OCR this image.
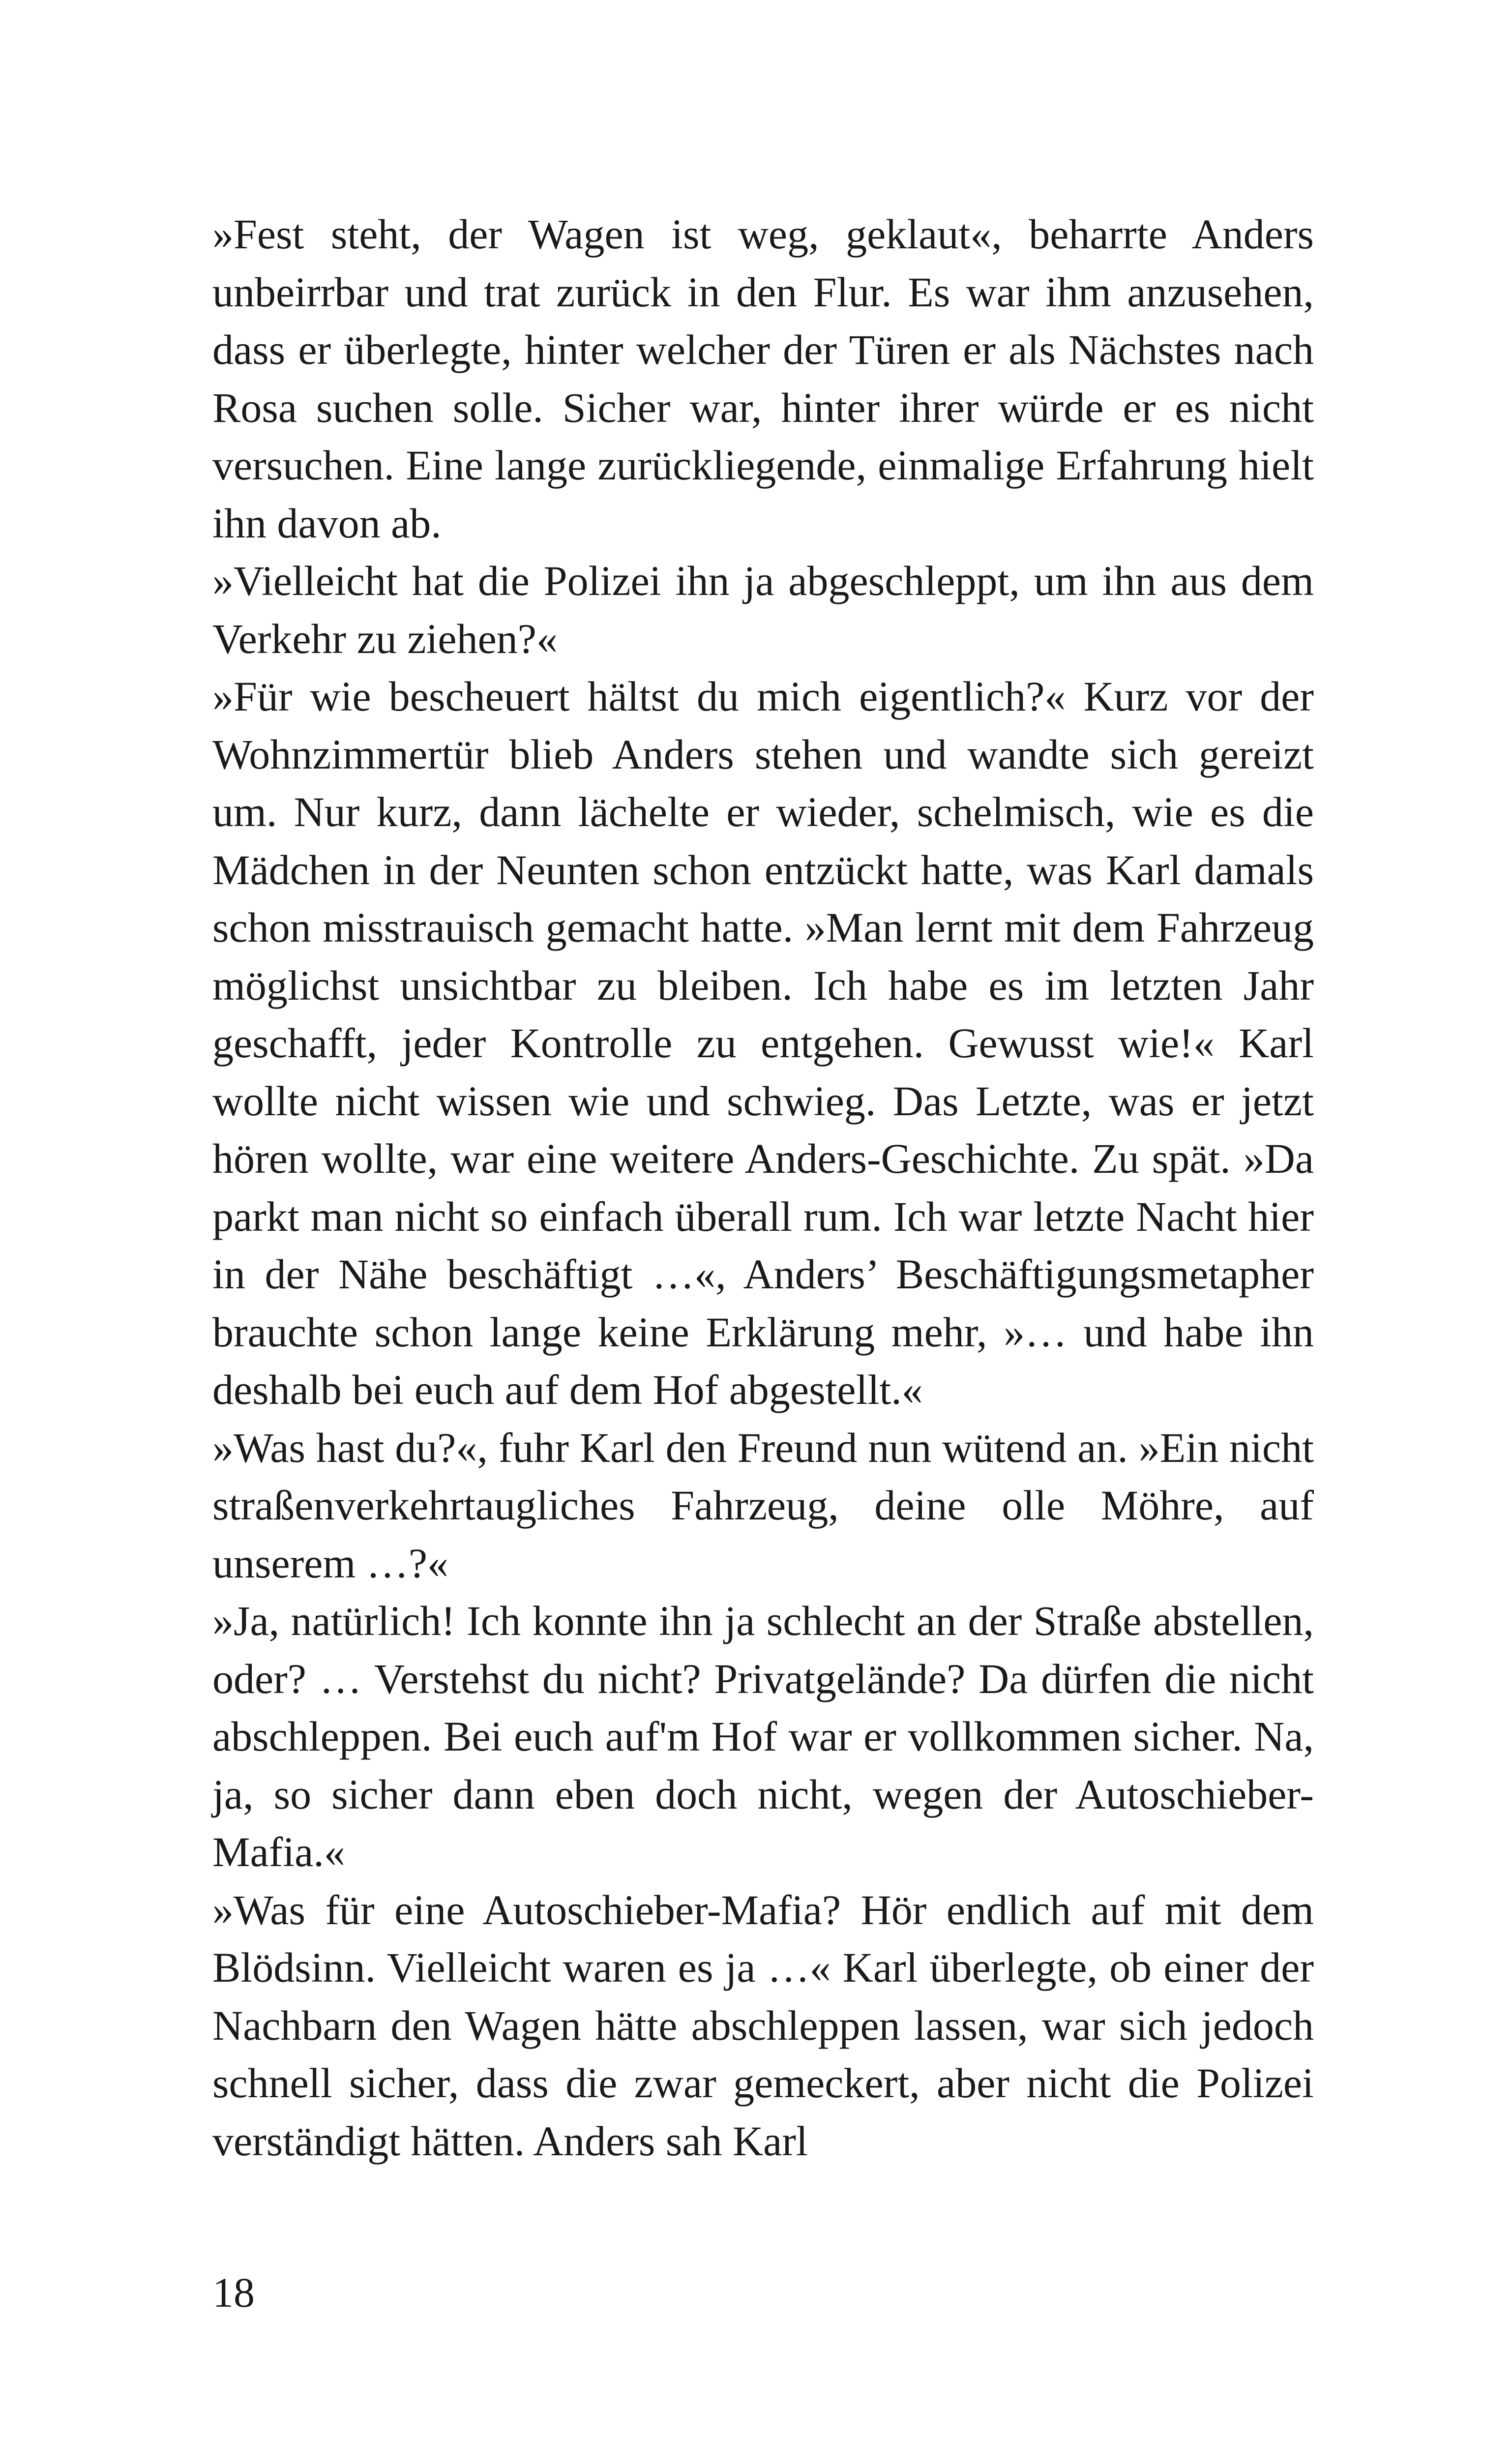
»Fest steht, der Wagen ist weg, geklaut«, beharrte Anders unbeirrbar und trat zurück in den Flur. Es war ihm anzusehen, dass er überlegte, hinter welcher der Türen er als Nächstes nach Rosa suchen solle. Sicher war, hinter ihrer würde er es nicht versuchen. Eine lange zurückliegende, einmalige Erfahrung hielt ihn davon ab.

»Vielleicht hat die Polizei ihn ja abgeschleppt, um ihn aus dem Verkehr zu ziehen?«

»Für wie bescheuert hältst du mich eigentlich?« Kurz vor der Wohnzimmertür blieb Anders stehen und wandte sich gereizt um. Nur kurz, dann lächelte er wieder, schelmisch, wie es die Mädchen in der Neunten schon entzückt hatte, was Karl damals schon misstrauisch gemacht hatte. »Man lernt mit dem Fahrzeug möglichst unsichtbar zu bleiben. Ich habe es im letzten Jahr geschafft, jeder Kontrolle zu entgehen. Gewusst wie!« Karl wollte nicht wissen wie und schwieg. Das Letzte, was er jetzt hören wollte, war eine weitere Anders-Geschichte. Zu spät. »Da parkt man nicht so einfach überall rum. Ich war letzte Nacht hier in der Nähe beschäftigt …«, Anders’ Beschäftigungsmetapher brauchte schon lange keine Erklärung mehr, »… und habe ihn deshalb bei euch auf dem Hof abgestellt.«

»Was hast du?«, fuhr Karl den Freund nun wütend an. »Ein nicht straßenverkehrtaugliches Fahrzeug, deine olle Möhre, auf unserem …?«

»Ja, natürlich! Ich konnte ihn ja schlecht an der Straße abstellen, oder? … Verstehst du nicht? Privatgelände? Da dürfen die nicht abschleppen. Bei euch auf'm Hof war er vollkommen sicher. Na, ja, so sicher dann eben doch nicht, wegen der Autoschieber-Mafia.«

»Was für eine Autoschieber-Mafia? Hör endlich auf mit dem Blödsinn. Vielleicht waren es ja …« Karl überlegte, ob einer der Nachbarn den Wagen hätte abschleppen lassen, war sich jedoch schnell sicher, dass die zwar gemeckert, aber nicht die Polizei verständigt hätten. Anders sah Karl

18
